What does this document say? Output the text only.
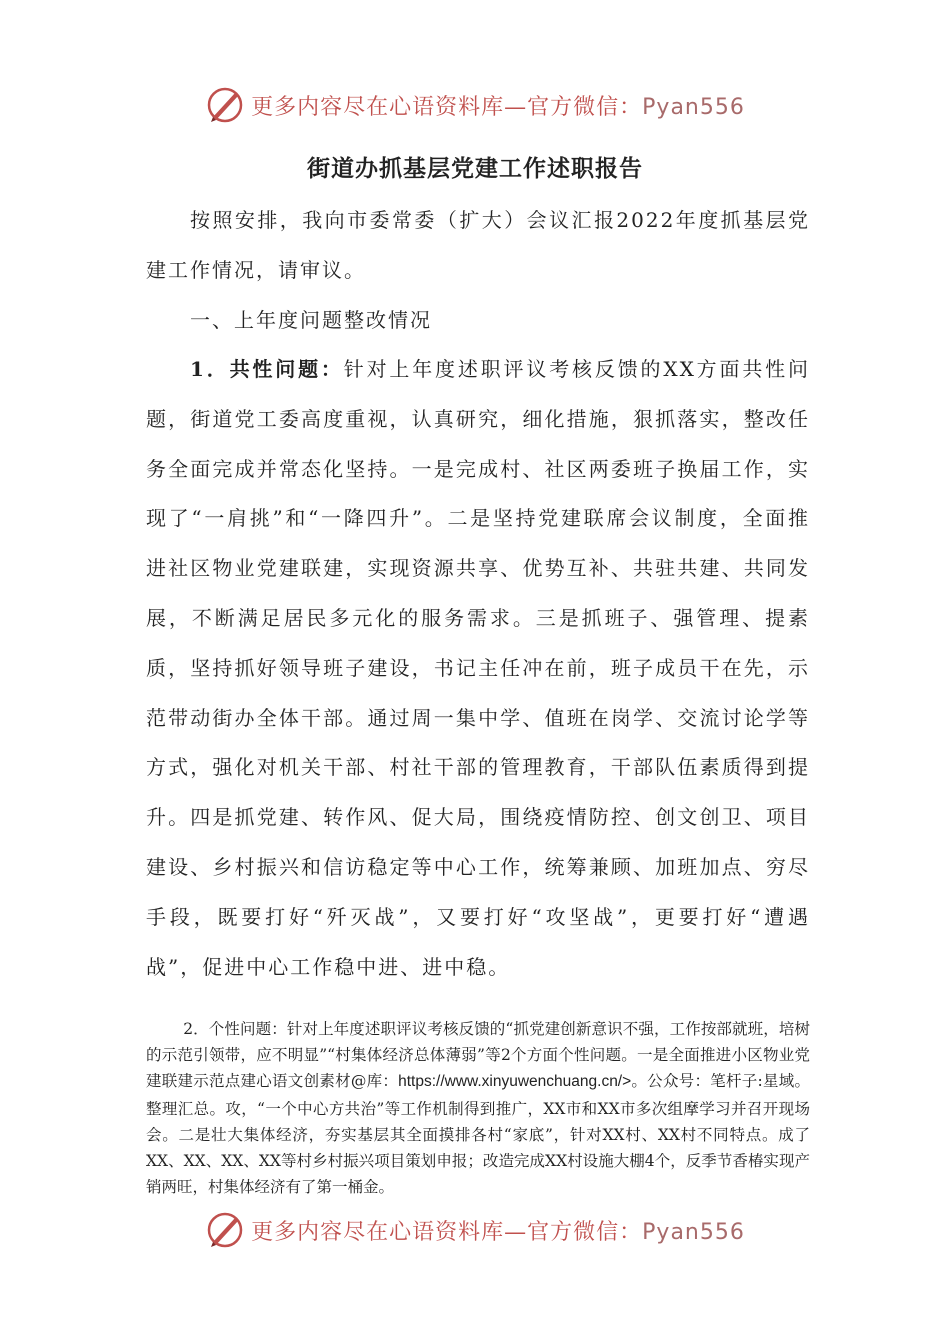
更多内容尽在心语资料库—官方微信：Pyan556
街道办抓基层党建工作述职报告

按照安排，我向市委常委（扩大）会议汇报2022年度抓基层党建工作情况，请审议。

一、上年度问题整改情况

1．共性问题：针对上年度述职评议考核反馈的XX方面共性问题，街道党工委高度重视，认真研究，细化措施，狠抓落实，整改任务全面完成并常态化坚持。一是完成村、社区两委班子换届工作，实现了“一肩挑”和“一降四升”。二是坚持党建联席会议制度，全面推进社区物业党建联建，实现资源共享、优势互补、共驻共建、共同发展，不断满足居民多元化的服务需求。三是抓班子、强管理、提素质，坚持抓好领导班子建设，书记主任冲在前，班子成员干在先，示范带动街办全体干部。通过周一集中学、值班在岗学、交流讨论学等方式，强化对机关干部、村社干部的管理教育，干部队伍素质得到提升。四是抓党建、转作风、促大局，围绕疫情防控、创文创卫、项目建设、乡村振兴和信访稳定等中心工作，统筹兼顾、加班加点、穷尽手段，既要打好“歼灭战”，又要打好“攻坚战”，更要打好“遭遇战”，促进中心工作稳中进、进中稳。

2．个性问题：针对上年度述职评议考核反馈的“抓党建创新意识不强，工作按部就班，培树的示范引领带，应不明显”“村集体经济总体薄弱”等2个方面个性问题。一是全面推进小区物业党建联建示范点建心语文创素材@库：https://www.xinyuwenchuang.cn/>。公众号：笔杆子:星域。整理汇总。攻，“一个中心方共治”等工作机制得到推广，XX市和XX市多次组摩学习并召开现场会。二是壮大集体经济，夯实基层其全面摸排各村“家底”，针对XX村、XX村不同特点。成了XX、XX、XX、XX等村乡村振兴项目策划申报；改造完成XX村设施大棚4个，反季节香椿实现产销两旺，村集体经济有了第一桶金。

更多内容尽在心语资料库—官方微信：Pyan556
